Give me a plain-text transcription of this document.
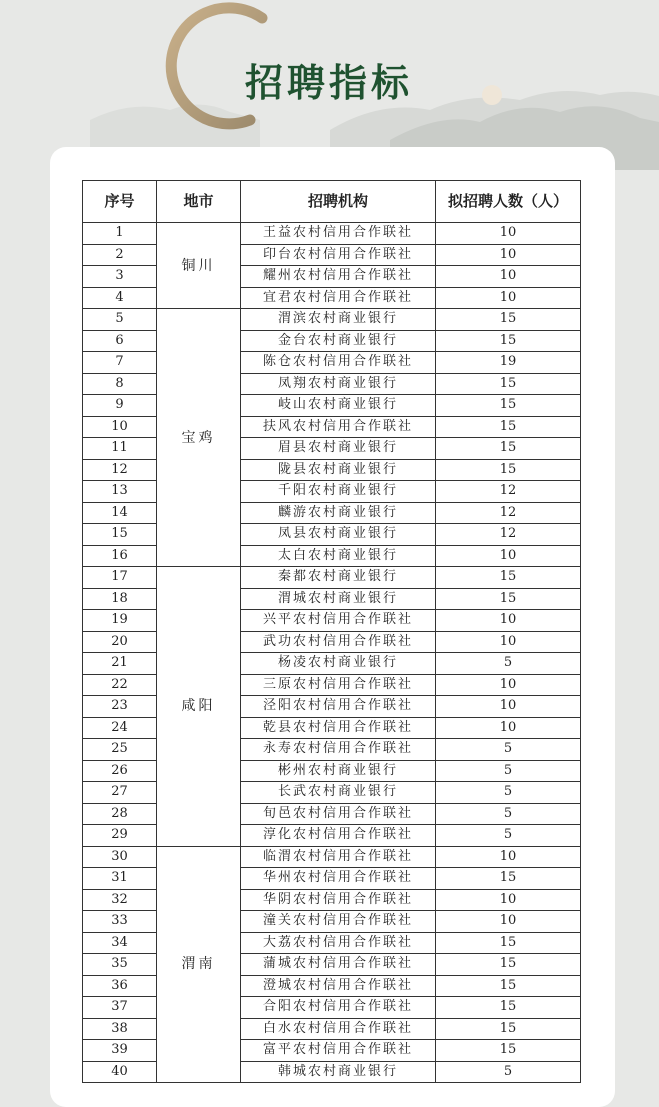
招聘指标
序号	地市	招聘机构	拟招聘人数（人）
1	铜川	王益农村信用合作联社	10
2		印台农村信用合作联社	10
3		耀州农村信用合作联社	10
4		宜君农村信用合作联社	10
5	宝鸡	渭滨农村商业银行	15
6		金台农村商业银行	15
7		陈仓农村信用合作联社	19
8		凤翔农村商业银行	15
9		岐山农村商业银行	15
10		扶风农村信用合作联社	15
11		眉县农村商业银行	15
12		陇县农村商业银行	15
13		千阳农村商业银行	12
14		麟游农村商业银行	12
15		凤县农村商业银行	12
16		太白农村商业银行	10
17	咸阳	秦都农村商业银行	15
18		渭城农村商业银行	15
19		兴平农村信用合作联社	10
20		武功农村信用合作联社	10
21		杨凌农村商业银行	5
22		三原农村信用合作联社	10
23		泾阳农村信用合作联社	10
24		乾县农村信用合作联社	10
25		永寿农村信用合作联社	5
26		彬州农村商业银行	5
27		长武农村商业银行	5
28		旬邑农村信用合作联社	5
29		淳化农村信用合作联社	5
30	渭南	临渭农村信用合作联社	10
31		华州农村信用合作联社	15
32		华阴农村信用合作联社	10
33		潼关农村信用合作联社	10
34		大荔农村信用合作联社	15
35		蒲城农村信用合作联社	15
36		澄城农村信用合作联社	15
37		合阳农村信用合作联社	15
38		白水农村信用合作联社	15
39		富平农村信用合作联社	15
40		韩城农村商业银行	5
